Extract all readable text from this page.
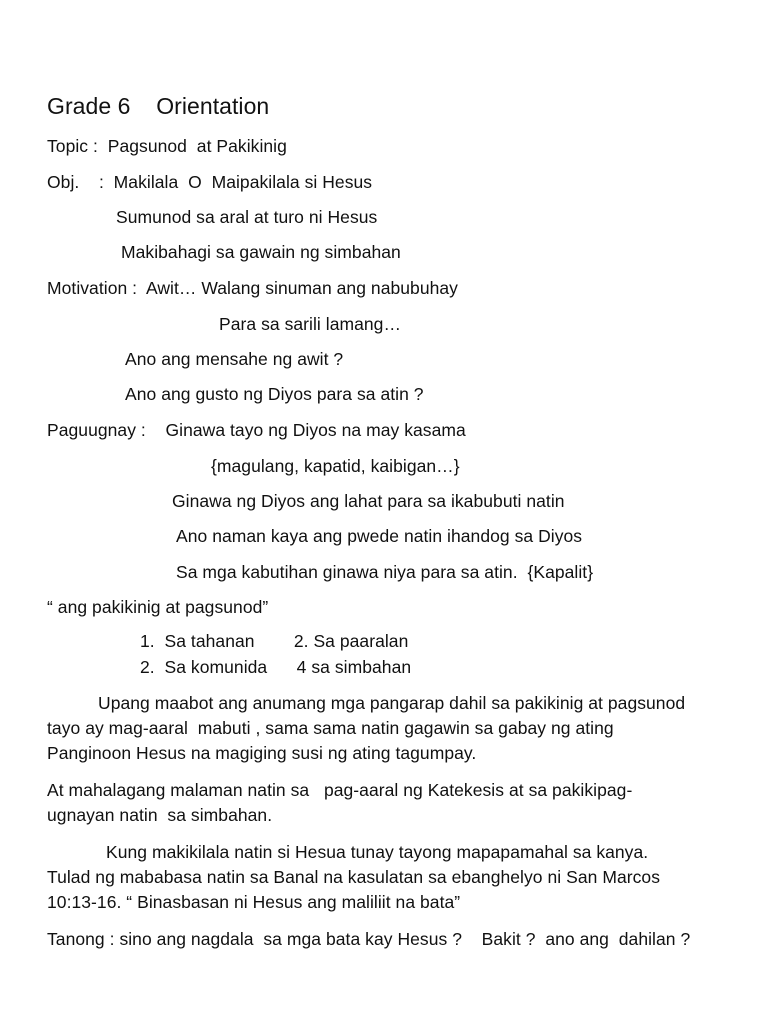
Grade 6    Orientation
Topic :  Pagsunod  at Pakikinig
Obj.    :  Makilala  O  Maipakilala si Hesus
Sumunod sa aral at turo ni Hesus
Makibahagi sa gawain ng simbahan
Motivation :  Awit… Walang sinuman ang nabubuhay
Para sa sarili lamang…
Ano ang mensahe ng awit ?
Ano ang gusto ng Diyos para sa atin ?
Paguugnay :    Ginawa tayo ng Diyos na may kasama
{magulang, kapatid, kaibigan…}
Ginawa ng Diyos ang lahat para sa ikabubuti natin
Ano naman kaya ang pwede natin ihandog sa Diyos
Sa mga kabutihan ginawa niya para sa atin.  {Kapalit}
“ ang pakikinig at pagsunod”
1.  Sa tahanan        2. Sa paaralan
2.  Sa komunida      4 sa simbahan
Upang maabot ang anumang mga pangarap dahil sa pakikinig at pagsunod
tayo ay mag-aaral  mabuti , sama sama natin gagawin sa gabay ng ating
Panginoon Hesus na magiging susi ng ating tagumpay.
At mahalagang malaman natin sa   pag-aaral ng Katekesis at sa pakikipag-
ugnayan natin  sa simbahan.
Kung makikilala natin si Hesua tunay tayong mapapamahal sa kanya.
Tulad ng mababasa natin sa Banal na kasulatan sa ebanghelyo ni San Marcos
10:13-16. “ Binasbasan ni Hesus ang maliliit na bata”
Tanong : sino ang nagdala  sa mga bata kay Hesus ?    Bakit ?  ano ang  dahilan ?
